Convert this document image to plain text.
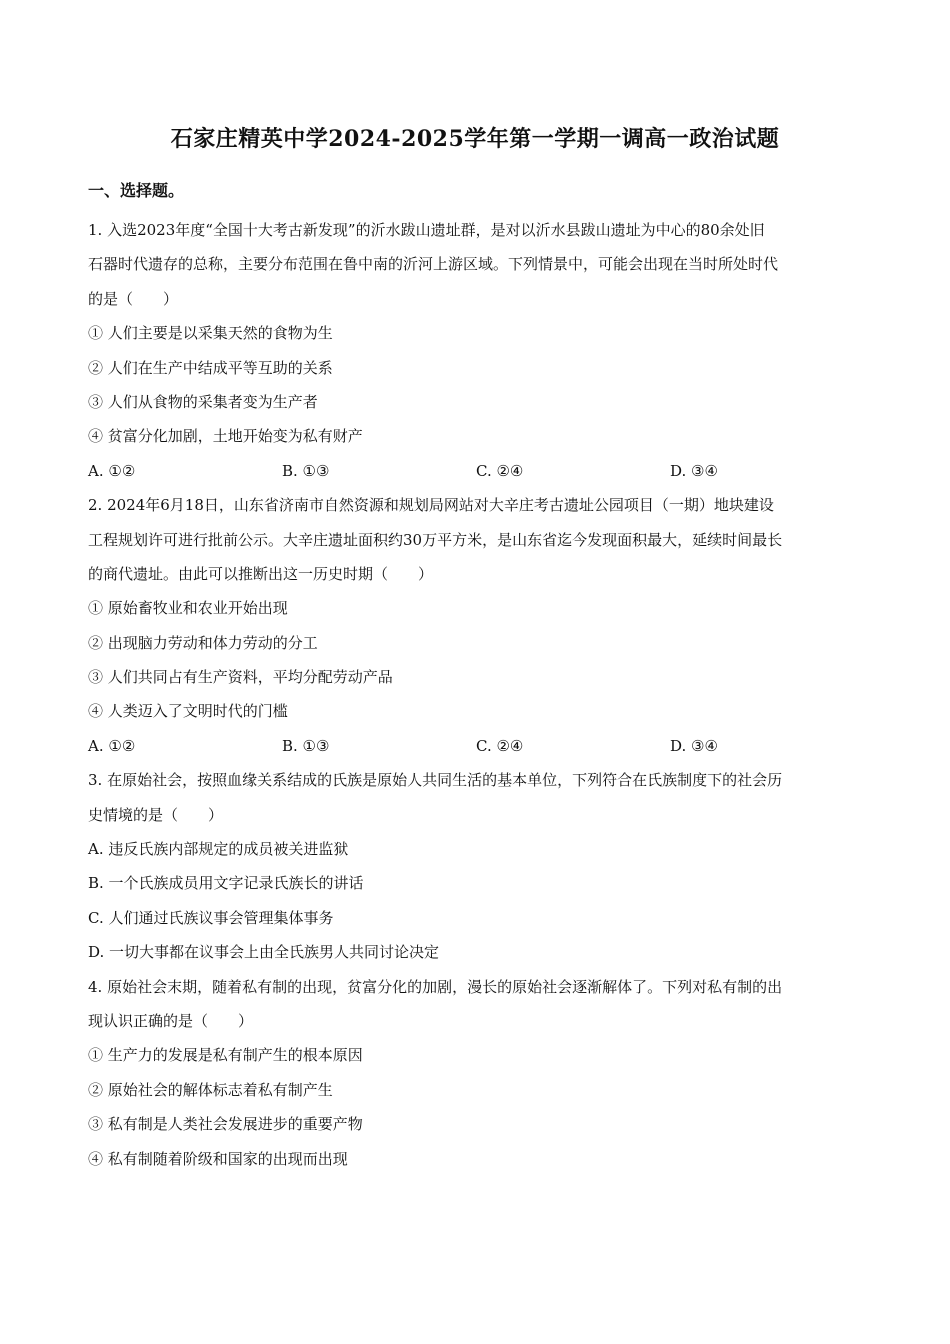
石家庄精英中学2024-2025学年第一学期一调高一政治试题
一、选择题。
1. 入选2023年度“全国十大考古新发现”的沂水跋山遗址群，是对以沂水县跋山遗址为中心的80余处旧
石器时代遗存的总称，主要分布范围在鲁中南的沂河上游区域。下列情景中，可能会出现在当时所处时代
的是（　　）
① 人们主要是以采集天然的食物为生
② 人们在生产中结成平等互助的关系
③ 人们从食物的采集者变为生产者
④ 贫富分化加剧，土地开始变为私有财产
A. ①②	B. ①③	C. ②④	D. ③④
2. 2024年6月18日，山东省济南市自然资源和规划局网站对大辛庄考古遗址公园项目（一期）地块建设
工程规划许可进行批前公示。大辛庄遗址面积约30万平方米，是山东省迄今发现面积最大，延续时间最长
的商代遗址。由此可以推断出这一历史时期（　　）
① 原始畜牧业和农业开始出现
② 出现脑力劳动和体力劳动的分工
③ 人们共同占有生产资料，平均分配劳动产品
④ 人类迈入了文明时代的门槛
A. ①②	B. ①③	C. ②④	D. ③④
3. 在原始社会，按照血缘关系结成的氏族是原始人共同生活的基本单位，下列符合在氏族制度下的社会历
史情境的是（　　）
A. 违反氏族内部规定的成员被关进监狱
B. 一个氏族成员用文字记录氏族长的讲话
C. 人们通过氏族议事会管理集体事务
D. 一切大事都在议事会上由全氏族男人共同讨论决定
4. 原始社会末期，随着私有制的出现，贫富分化的加剧，漫长的原始社会逐渐解体了。下列对私有制的出
现认识正确的是（　　）
① 生产力的发展是私有制产生的根本原因
② 原始社会的解体标志着私有制产生
③ 私有制是人类社会发展进步的重要产物
④ 私有制随着阶级和国家的出现而出现
